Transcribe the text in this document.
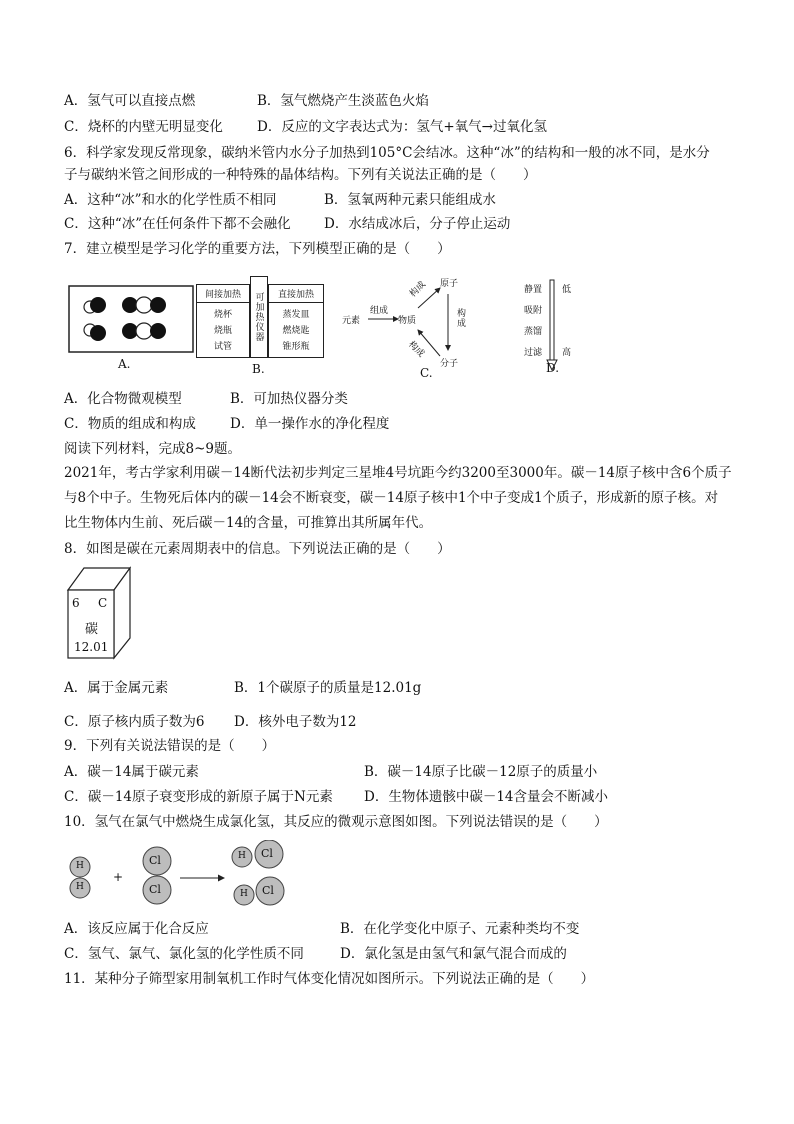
A．氢气可以直接点燃	B．氢气燃烧产生淡蓝色火焰
C．烧杯的内壁无明显变化	D．反应的文字表达式为：氢气+氧气→过氧化氢
6．科学家发现反常现象，碳纳米管内水分子加热到105°C会结冰。这种“冰”的结构和一般的冰不同，是水分
子与碳纳米管之间形成的一种特殊的晶体结构。下列有关说法正确的是（　　）
A．这种“冰”和水的化学性质不相同	B．氢氧两种元素只能组成水
C．这种“冰”在任何条件下都不会融化 D．水结成冰后，分子停止运动
7．建立模型是学习化学的重要方法，下列模型正确的是（　　）
A.
间接加热
烧杯
烧瓶
试管
可加热仪器	直接加热
蒸发皿
燃烧匙
锥形瓶
B.
元素
组成
物质
原子
分子
构成
构成
构成
C.
静置
吸附
蒸馏
过滤
低
高
D.
A．化合物微观模型	B．可加热仪器分类
C．物质的组成和构成	D．单一操作水的净化程度
阅读下列材料，完成8~9题。
2021年，考古学家利用碳－14断代法初步判定三星堆4号坑距今约3200至3000年。碳－14原子核中含6个质子
与8个中子。生物死后体内的碳－14会不断衰变，碳－14原子核中1个中子变成1个质子，形成新的原子核。对
比生物体内生前、死后碳－14的含量，可推算出其所属年代。
8．如图是碳在元素周期表中的信息。下列说法正确的是（　　）
6 C
碳
12.01
A．属于金属元素	B．1个碳原子的质量是12.01g
C．原子核内质子数为6 D．核外电子数为12
9．下列有关说法错误的是（　　）
A．碳－14属于碳元素	B．碳－14原子比碳－12原子的质量小
C．碳－14原子衰变形成的新原子属于N元素 D．生物体遗骸中碳－14含量会不断减小
10．氢气在氯气中燃烧生成氯化氢，其反应的微观示意图如图。下列说法错误的是（　　）
H
H
+
Cl
Cl
H Cl
H Cl
A．该反应属于化合反应	B．在化学变化中原子、元素种类均不变
C．氢气、氯气、氯化氢的化学性质不同	D．氯化氢是由氢气和氯气混合而成的
11．某种分子筛型家用制氧机工作时气体变化情况如图所示。下列说法正确的是（　　）
